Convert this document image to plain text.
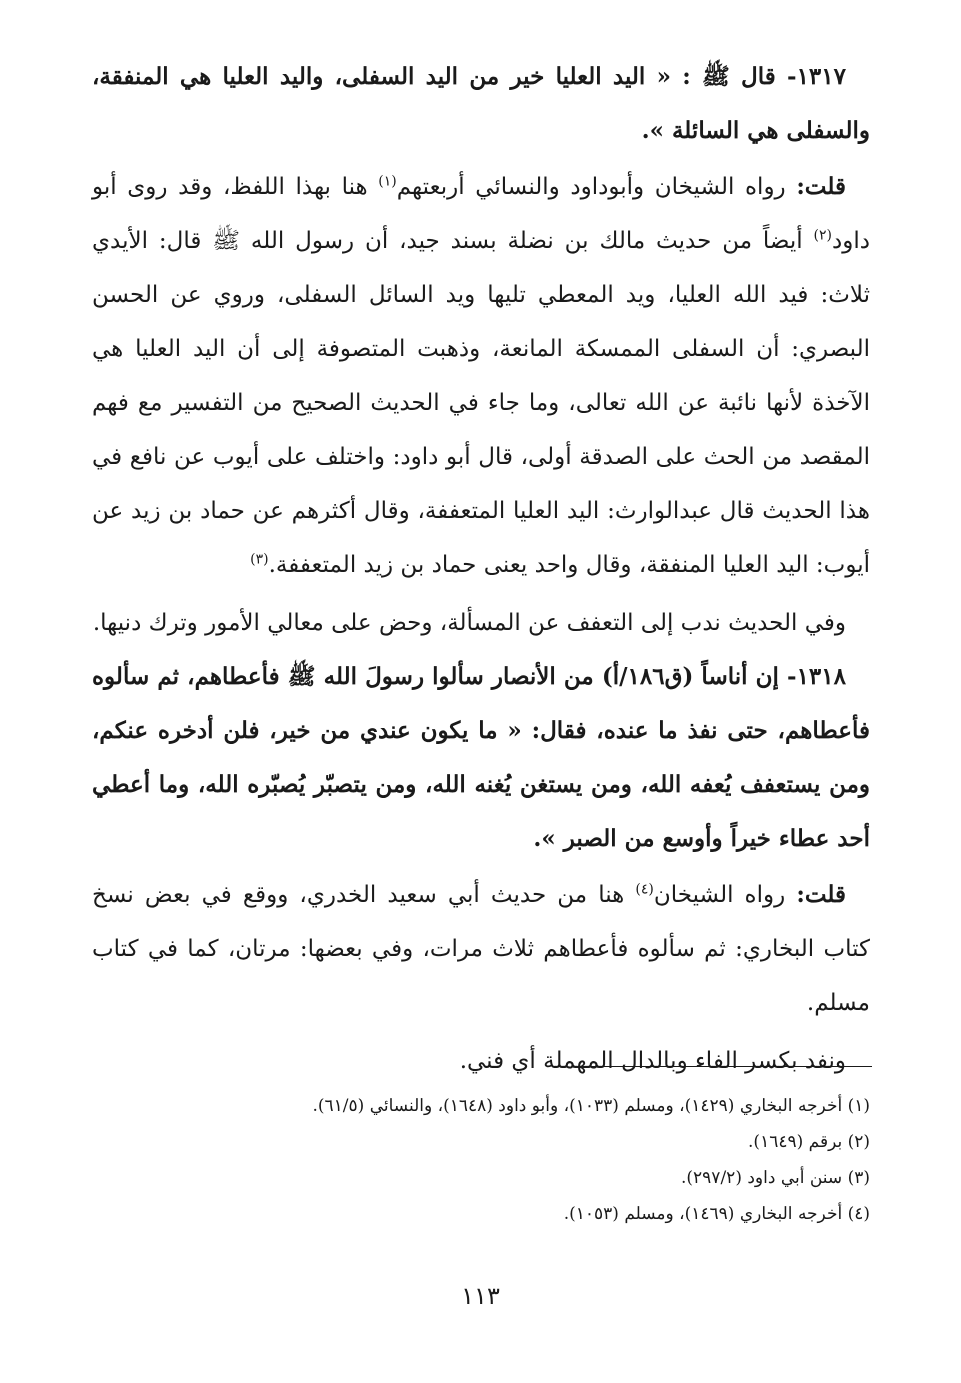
١٣١٧- قال ﷺ : « اليد العليا خير من اليد السفلى، واليد العليا هي المنفقة، والسفلى هي السائلة ».

قلت: رواه الشيخان وأبوداود والنسائي أربعتهم$^{(١)}$ هنا بهذا اللفظ، وقد روى أبو داود$^{(٢)}$ أيضاً من حديث مالك بن نضلة بسند جيد، أن رسول الله ﷺ قال: الأيدي ثلاث: فيد الله العليا، ويد المعطي تليها ويد السائل السفلى، وروي عن الحسن البصري: أن السفلى الممسكة المانعة، وذهبت المتصوفة إلى أن اليد العليا هي الآخذة لأنها نائبة عن الله تعالى، وما جاء في الحديث الصحيح من التفسير مع فهم المقصد من الحث على الصدقة أولى، قال أبو داود: واختلف على أيوب عن نافع في هذا الحديث قال عبدالوارث: اليد العليا المتعففة، وقال أكثرهم عن حماد بن زيد عن أيوب: اليد العليا المنفقة، وقال واحد يعنى حماد بن زيد المتعففة.$^{(٣)}$

وفي الحديث ندب إلى التعفف عن المسألة، وحض على معالي الأمور وترك دنيها.

١٣١٨- إن أناساً (ق١٨٦/أ) من الأنصار سألوا رسولَ الله ﷺ فأعطاهم، ثم سألوه فأعطاهم، حتى نفذ ما عنده، فقال: « ما يكون عندي من خير، فلن أدخره عنكم، ومن يستعفف يُعفه الله، ومن يستغن يُغنه الله، ومن يتصبّر يُصبّره الله، وما أعطي أحد عطاء خيراً وأوسع من الصبر ».

قلت: رواه الشيخان$^{(٤)}$ هنا من حديث أبي سعيد الخدري، ووقع في بعض نسخ كتاب البخاري: ثم سألوه فأعطاهم ثلاث مرات، وفي بعضها: مرتان، كما في كتاب مسلم.

ونفد بكسر الفاء وبالدال المهملة أي فني.

(١) أخرجه البخاري (١٤٢٩)، ومسلم (١٠٣٣)، وأبو داود (١٦٤٨)، والنسائي (٦١/٥).

(٢) برقم (١٦٤٩).

(٣) سنن أبي داود (٢٩٧/٢).

(٤) أخرجه البخاري (١٤٦٩)، ومسلم (١٠٥٣).

١١٣
